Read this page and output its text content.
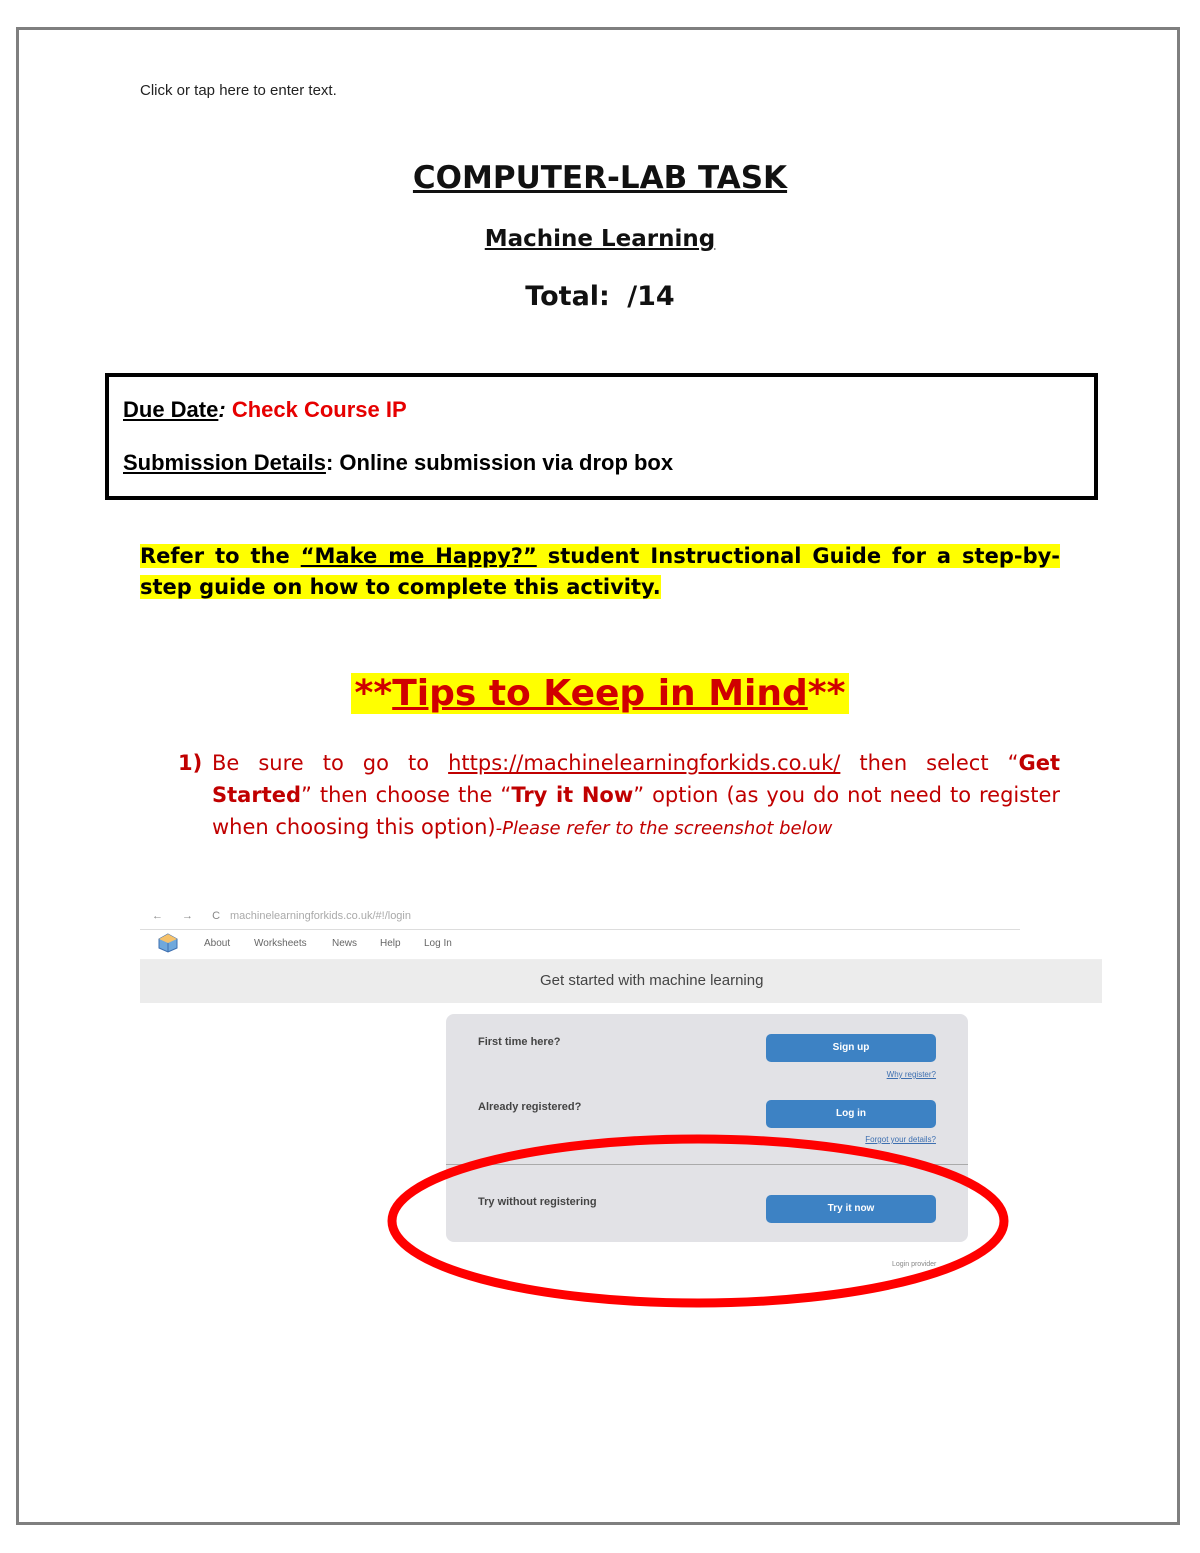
Click or tap here to enter text.
COMPUTER-LAB TASK
Machine Learning
Total: /14
Due Date: Check Course IP
Submission Details: Online submission via drop box
Refer to the “Make me Happy?” student Instructional Guide for a step-by-step guide on how to complete this activity.
**Tips to Keep in Mind**
1) Be sure to go to https://machinelearningforkids.co.uk/ then select “Get Started” then choose the “Try it Now” option (as you do not need to register when choosing this option)-Please refer to the screenshot below
← → C machinelearningforkids.co.uk/#!/login
About Worksheets	News Help Log In
Get started with machine learning
First time here?	Sign up
Why register?
Already registered?
Log in
Forgot your details?
Try without registering
Try it now
Login provider
